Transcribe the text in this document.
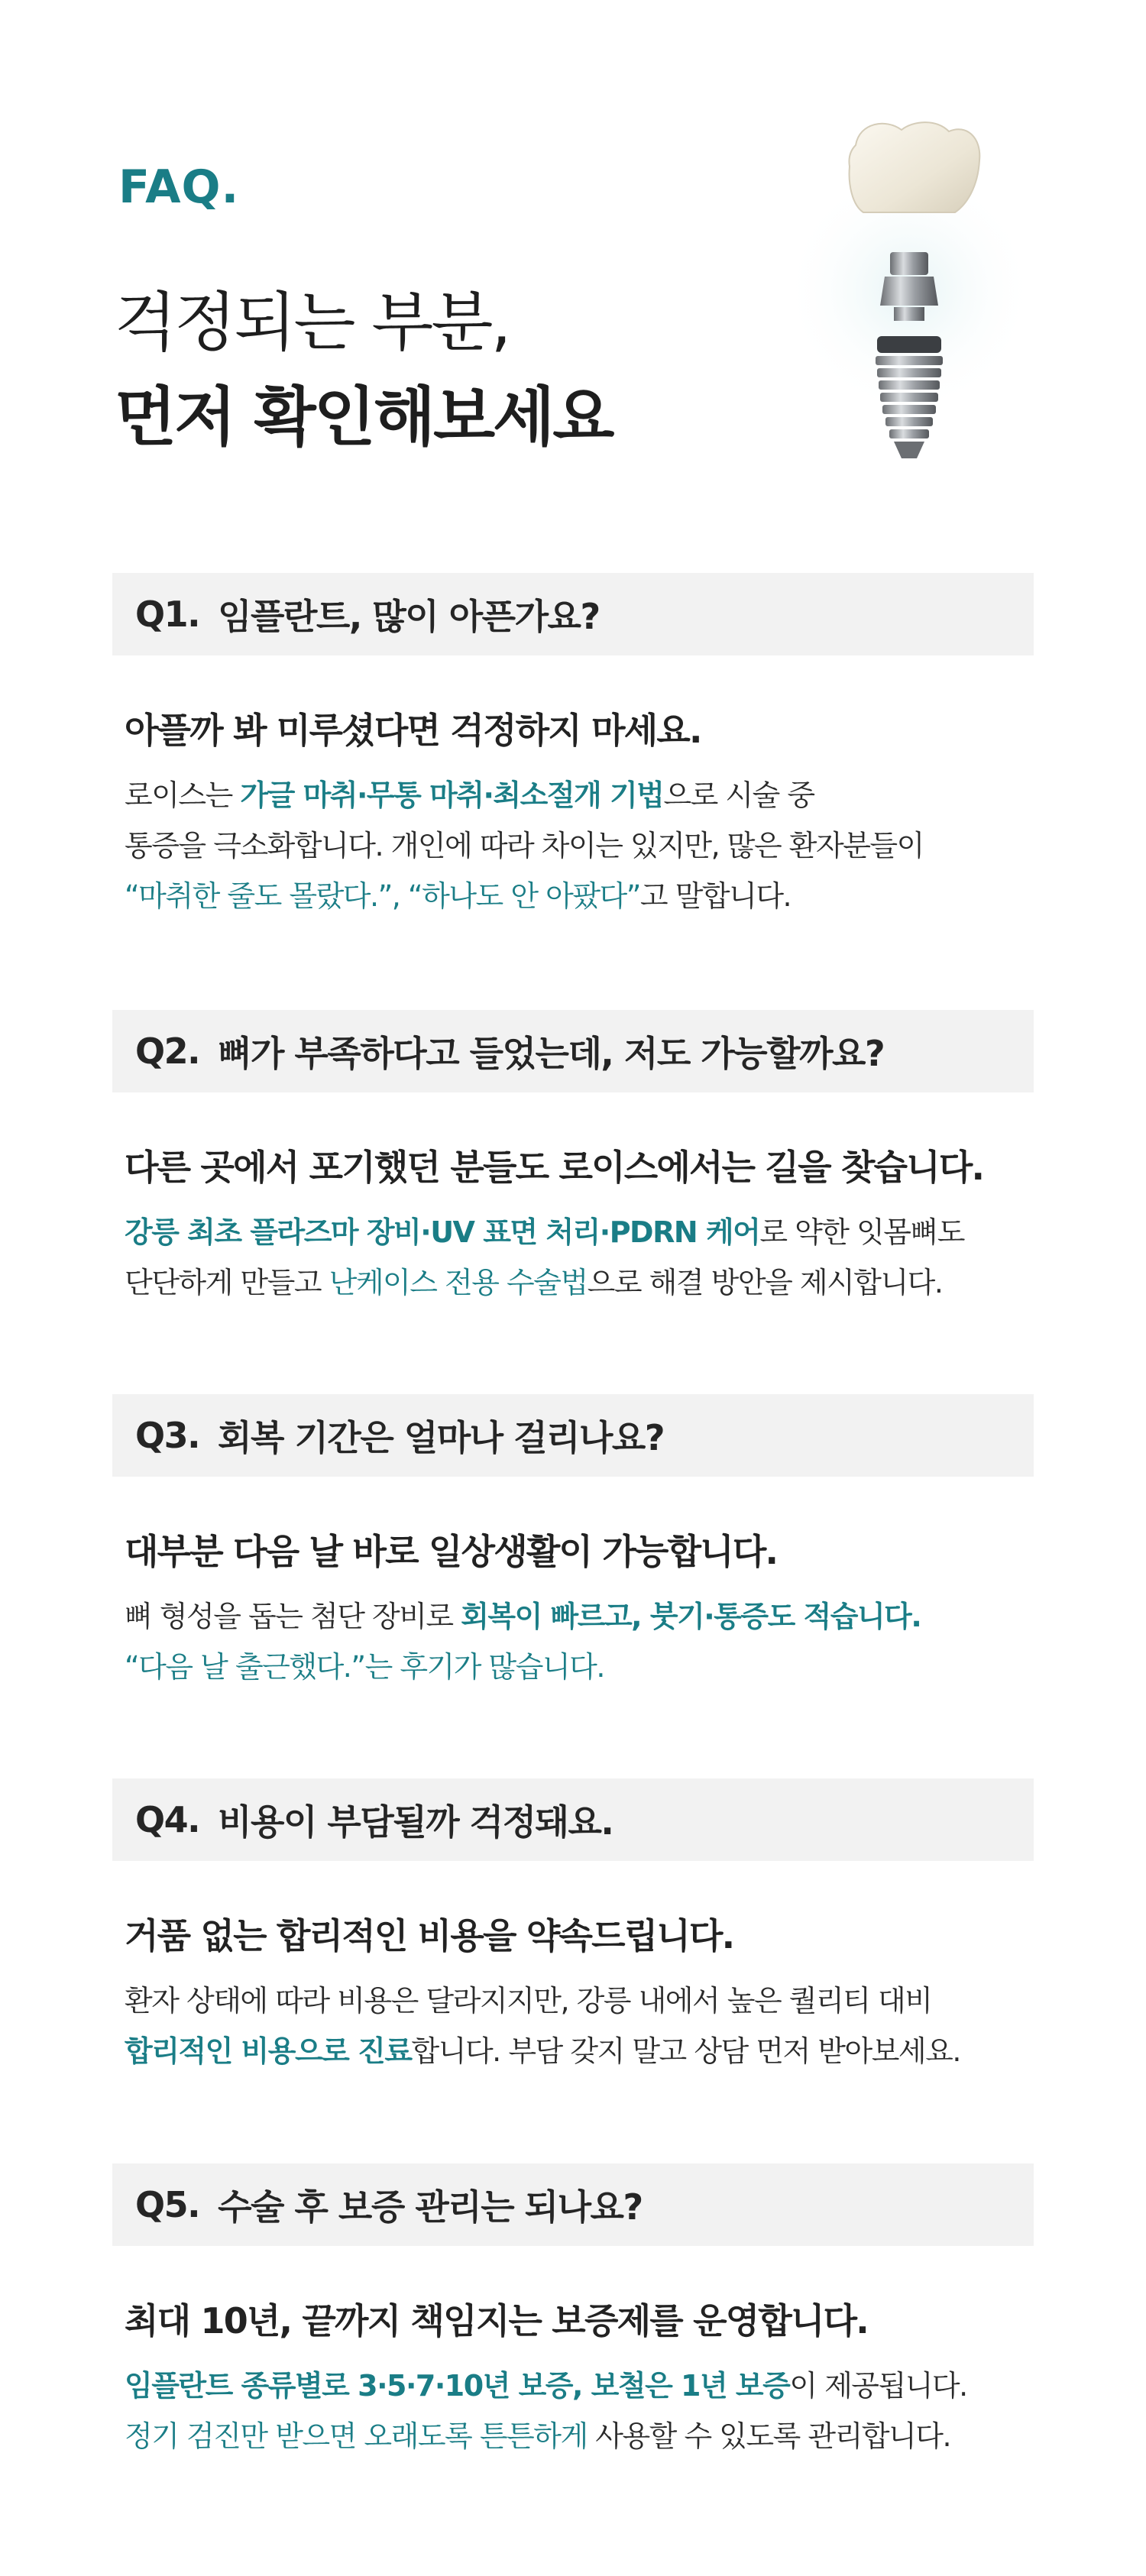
FAQ.
걱정되는 부분,
먼저 확인해보세요
Q1. 임플란트, 많이 아픈가요?
아플까 봐 미루셨다면 걱정하지 마세요.
로이스는 가글 마취·무통 마취·최소절개 기법으로 시술 중
통증을 극소화합니다. 개인에 따라 차이는 있지만, 많은 환자분들이
“마취한 줄도 몰랐다.”, “하나도 안 아팠다”고 말합니다.
Q2. 뼈가 부족하다고 들었는데, 저도 가능할까요?
다른 곳에서 포기했던 분들도 로이스에서는 길을 찾습니다.
강릉 최초 플라즈마 장비·UV 표면 처리·PDRN 케어로 약한 잇몸뼈도
단단하게 만들고 난케이스 전용 수술법으로 해결 방안을 제시합니다.
Q3. 회복 기간은 얼마나 걸리나요?
대부분 다음 날 바로 일상생활이 가능합니다.
뼈 형성을 돕는 첨단 장비로 회복이 빠르고, 붓기·통증도 적습니다.
“다음 날 출근했다.”는 후기가 많습니다.
Q4. 비용이 부담될까 걱정돼요.
거품 없는 합리적인 비용을 약속드립니다.
환자 상태에 따라 비용은 달라지지만, 강릉 내에서 높은 퀄리티 대비
합리적인 비용으로 진료합니다. 부담 갖지 말고 상담 먼저 받아보세요.
Q5. 수술 후 보증 관리는 되나요?
최대 10년, 끝까지 책임지는 보증제를 운영합니다.
임플란트 종류별로 3·5·7·10년 보증, 보철은 1년 보증이 제공됩니다.
정기 검진만 받으면 오래도록 튼튼하게 사용할 수 있도록 관리합니다.
